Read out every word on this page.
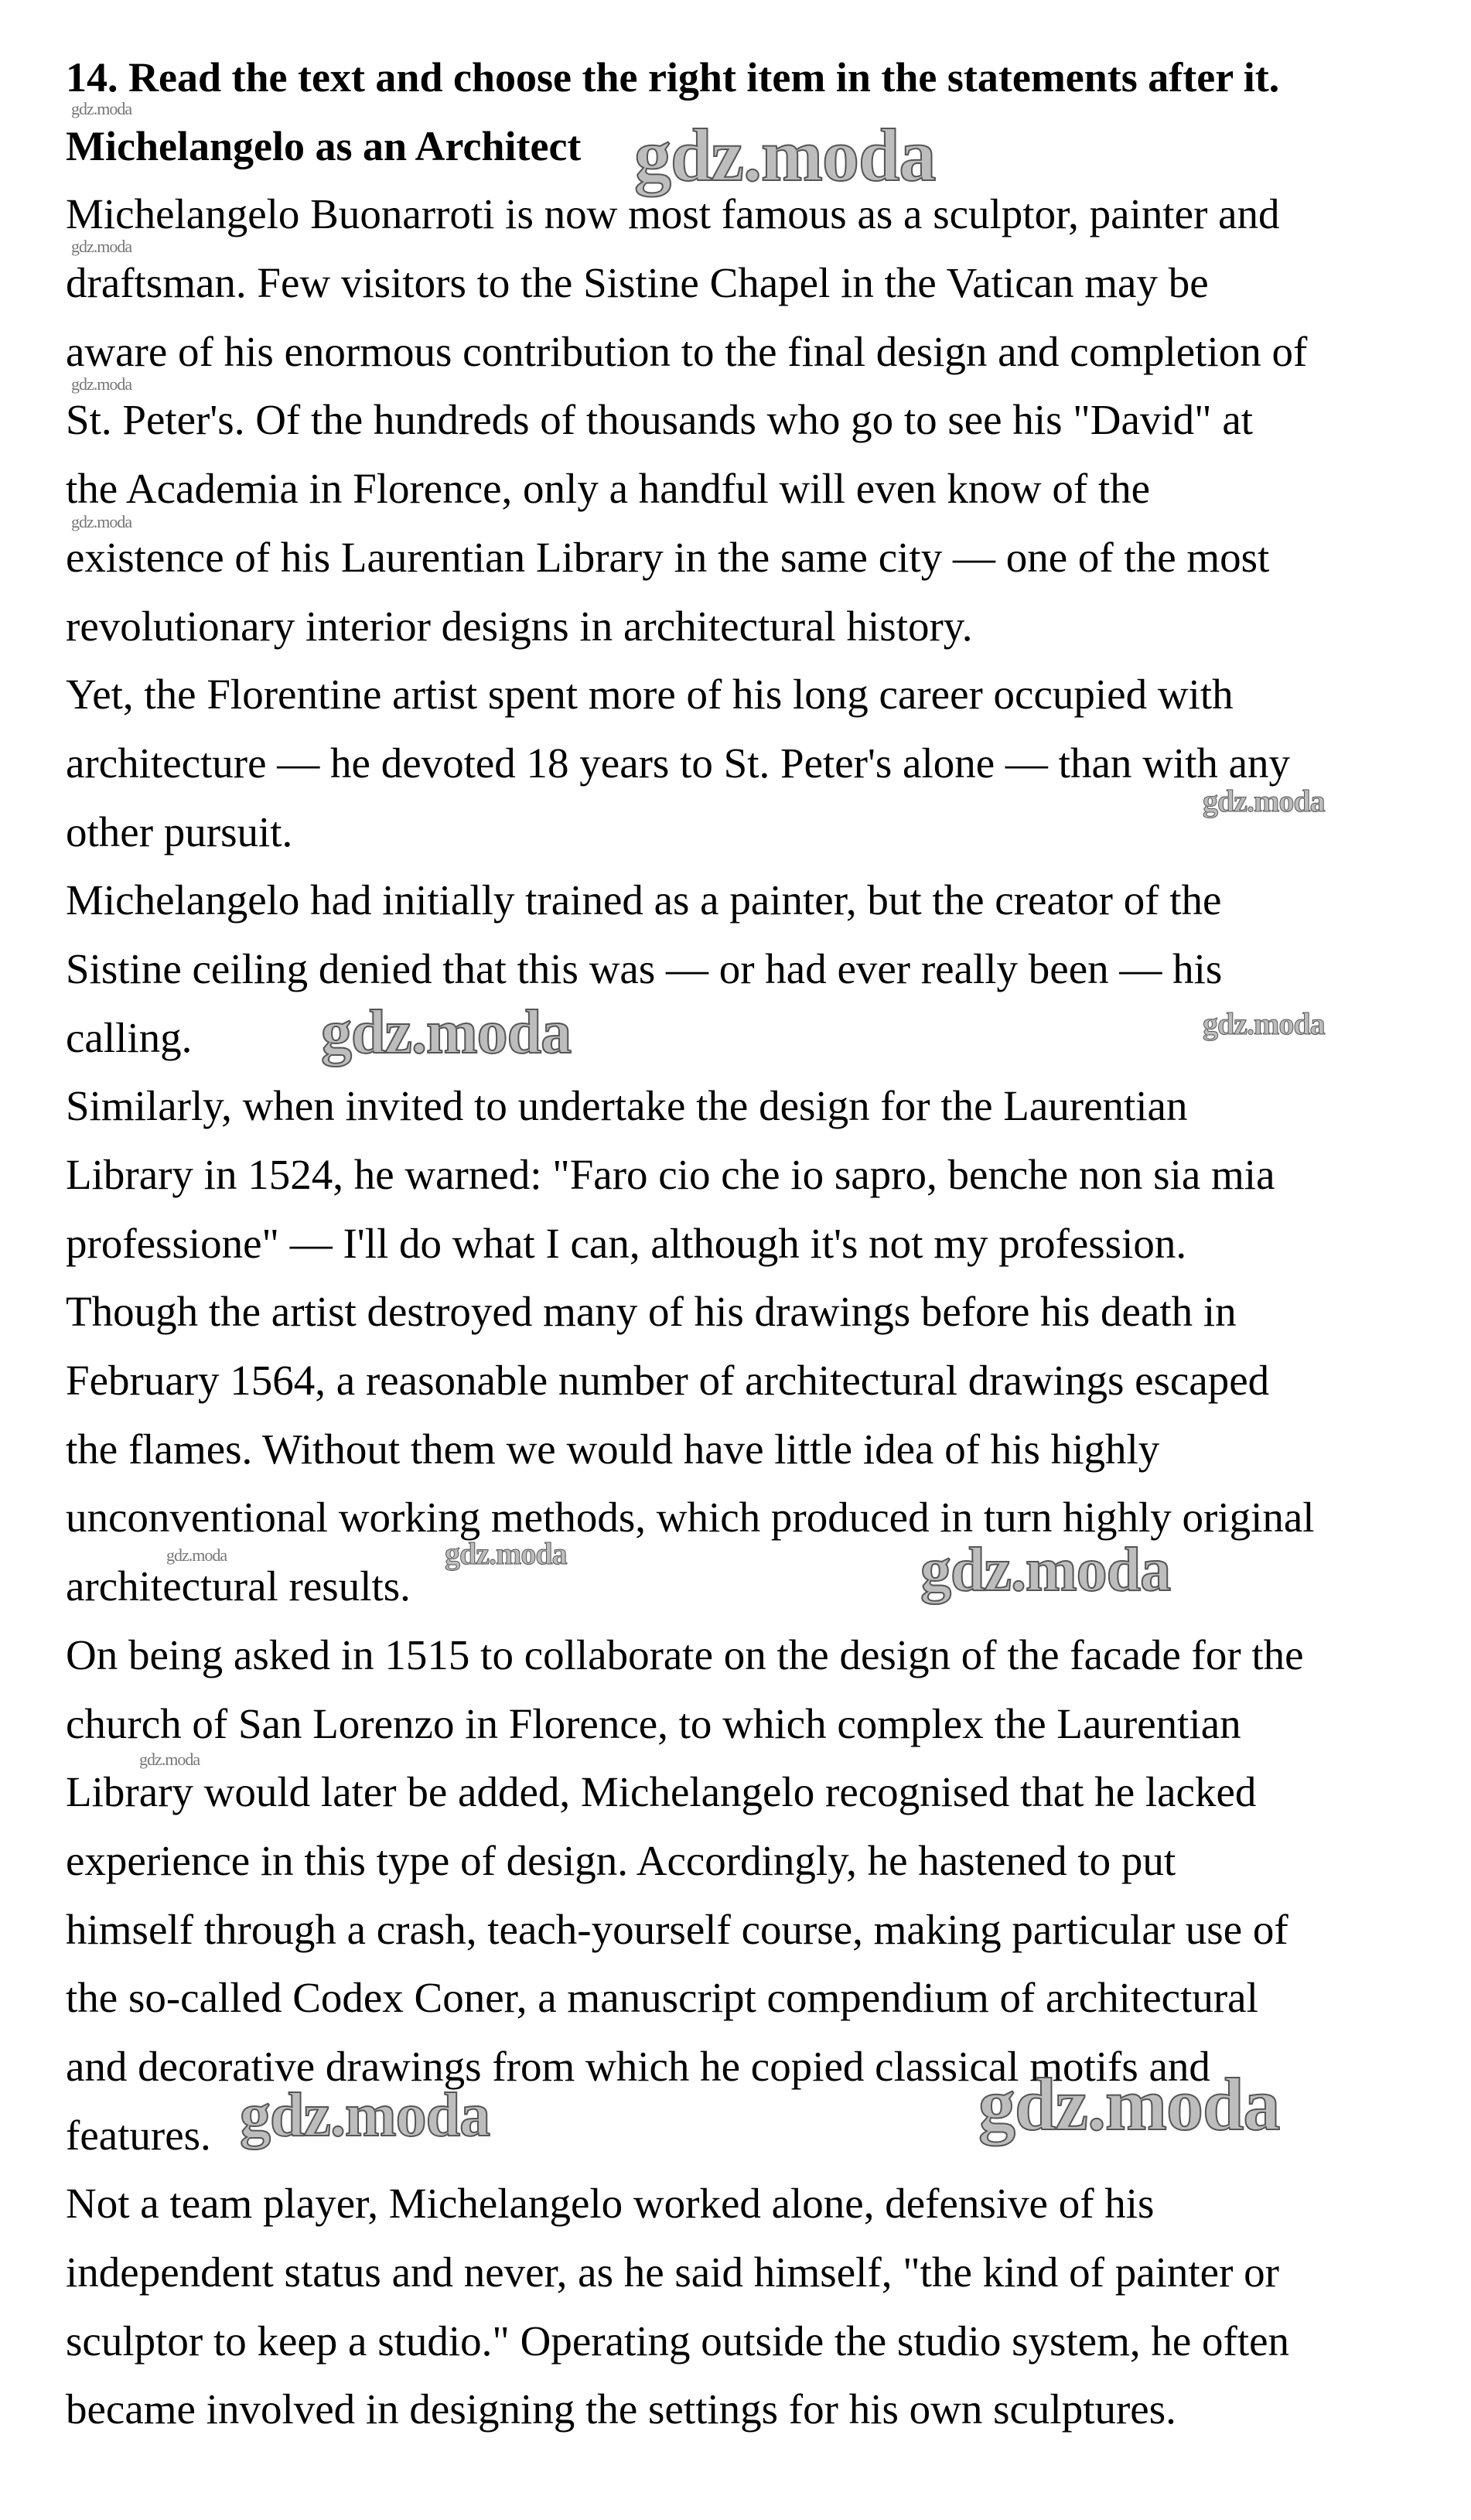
14. Read the text and choose the right item in the statements after it.
Michelangelo as an Architect
Michelangelo Buonarroti is now most famous as a sculptor, painter and
draftsman. Few visitors to the Sistine Chapel in the Vatican may be
aware of his enormous contribution to the final design and completion of
St. Peter's. Of the hundreds of thousands who go to see his "David" at
the Academia in Florence, only a handful will even know of the
existence of his Laurentian Library in the same city — one of the most
revolutionary interior designs in architectural history.
Yet, the Florentine artist spent more of his long career occupied with
architecture — he devoted 18 years to St. Peter's alone — than with any
other pursuit.
Michelangelo had initially trained as a painter, but the creator of the
Sistine ceiling denied that this was — or had ever really been — his
calling.
Similarly, when invited to undertake the design for the Laurentian
Library in 1524, he warned: "Faro cio che io sapro, benche non sia mia
professione" — I'll do what I can, although it's not my profession.
Though the artist destroyed many of his drawings before his death in
February 1564, a reasonable number of architectural drawings escaped
the flames. Without them we would have little idea of his highly
unconventional working methods, which produced in turn highly original
architectural results.
On being asked in 1515 to collaborate on the design of the facade for the
church of San Lorenzo in Florence, to which complex the Laurentian
Library would later be added, Michelangelo recognised that he lacked
experience in this type of design. Accordingly, he hastened to put
himself through a crash, teach-yourself course, making particular use of
the so-called Codex Coner, a manuscript compendium of architectural
and decorative drawings from which he copied classical motifs and
features.
Not a team player, Michelangelo worked alone, defensive of his
independent status and never, as he said himself, "the kind of painter or
sculptor to keep a studio." Operating outside the studio system, he often
became involved in designing the settings for his own sculptures.
gdz.moda
gdz.moda
gdz.moda
gdz.moda
gdz.moda
gdz.moda
gdz.moda	gdz.moda
gdz.moda	gdz.moda	gdz.moda
gdz.moda
gdz.moda	gdz.moda
